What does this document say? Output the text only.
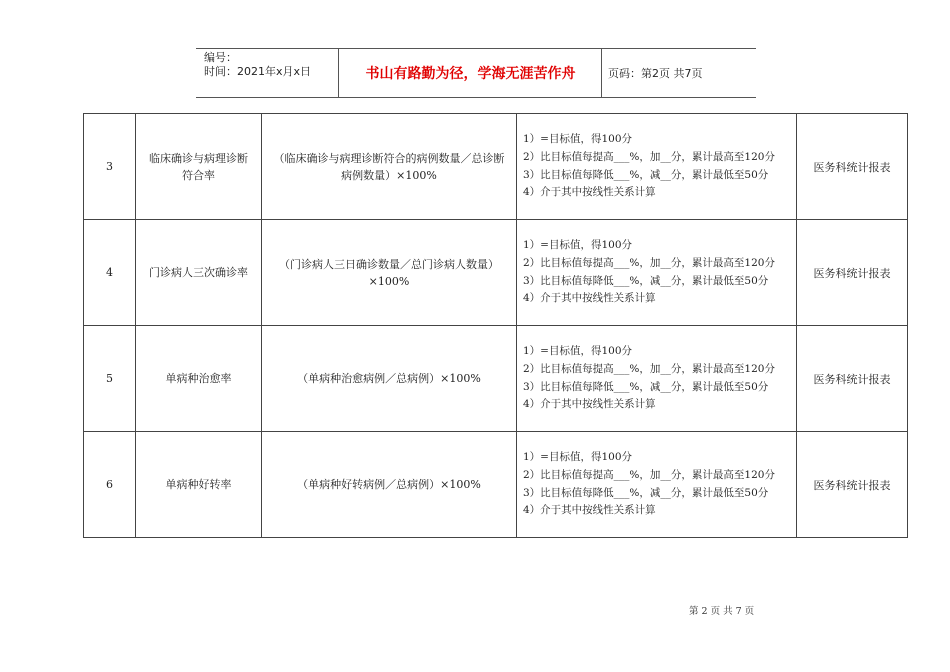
编号：
时间：2021年x月x日	书山有路勤为径，学海无涯苦作舟	页码：第2页 共7页
3	临床确诊与病理诊断符合率	（临床确诊与病理诊断符合的病例数量／总诊断病例数量）×100%	1）=目标值，得100分
2）比目标值每提高___%，加__分，累计最高至120分
3）比目标值每降低___%，减__分，累计最低至50分
4）介于其中按线性关系计算	医务科统计报表
4	门诊病人三次确诊率	（门诊病人三日确诊数量／总门诊病人数量）×100%	1）=目标值，得100分
2）比目标值每提高___%，加__分，累计最高至120分
3）比目标值每降低___%，减__分，累计最低至50分
4）介于其中按线性关系计算	医务科统计报表
5	单病种治愈率	（单病种治愈病例／总病例）×100%	1）=目标值，得100分
2）比目标值每提高___%，加__分，累计最高至120分
3）比目标值每降低___%，减__分，累计最低至50分
4）介于其中按线性关系计算	医务科统计报表
6	单病种好转率	（单病种好转病例／总病例）×100%	1）=目标值，得100分
2）比目标值每提高___%，加__分，累计最高至120分
3）比目标值每降低___%，减__分，累计最低至50分
4）介于其中按线性关系计算	医务科统计报表
第 2 页 共 7 页
